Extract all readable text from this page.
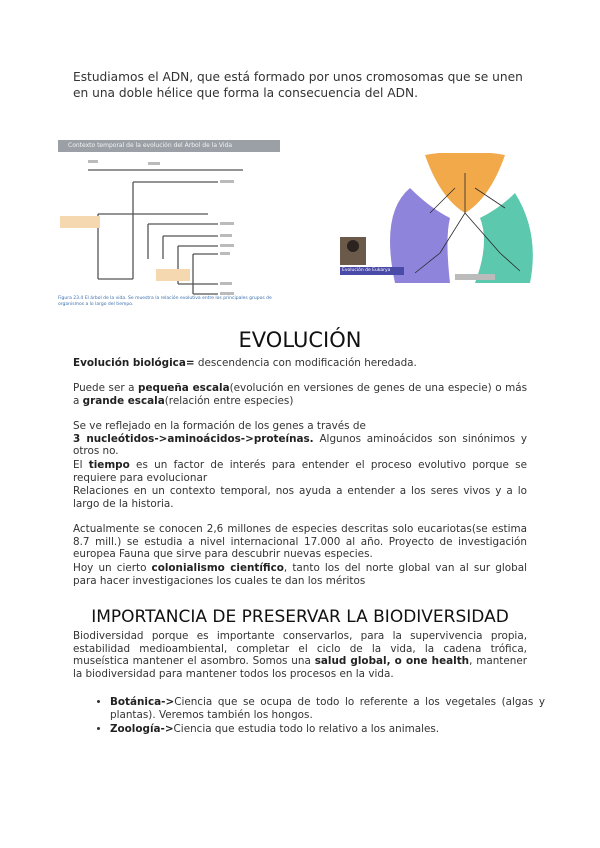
Estudiamos el ADN, que está formado por unos cromosomas que se unen en una doble hélice que forma la consecuencia del ADN.

Contexto temporal de la evolución del Árbol de la Vida
Figura 23.4 El árbol de la vida. Se muestra la relación evolutiva entre los principales grupos de organismos a lo largo del tiempo.
Evolución de Eukarya
EVOLUCIÓN

Evolución biológica= descendencia con modificación heredada.

Puede ser a pequeña escala(evolución en versiones de genes de una especie) o más a grande escala(relación entre especies)

Se ve reflejado en la formación de los genes a través de
3 nucleótidos->aminoácidos->proteínas. Algunos aminoácidos son sinónimos y otros no.

El tiempo es un factor de interés para entender el proceso evolutivo porque se requiere para evolucionar

Relaciones en un contexto temporal, nos ayuda a entender a los seres vivos y a lo largo de la historia.

Actualmente se conocen 2,6 millones de especies descritas solo eucariotas(se estima 8.7 mill.) se estudia a nivel internacional 17.000 al año. Proyecto de investigación europea Fauna que sirve para descubrir nuevas especies.

Hoy un cierto colonialismo científico, tanto los del norte global van al sur global para hacer investigaciones los cuales te dan los méritos

IMPORTANCIA DE PRESERVAR LA BIODIVERSIDAD

Biodiversidad porque es importante conservarlos, para la supervivencia propia, estabilidad medioambiental, completar el ciclo de la vida, la cadena trófica, museística mantener el asombro. Somos una salud global, o one health, mantener la biodiversidad para mantener todos los procesos en la vida.

• Botánica->Ciencia que se ocupa de todo lo referente a los vegetales (algas y plantas). Veremos también los hongos.
• Zoología->Ciencia que estudia todo lo relativo a los animales.
